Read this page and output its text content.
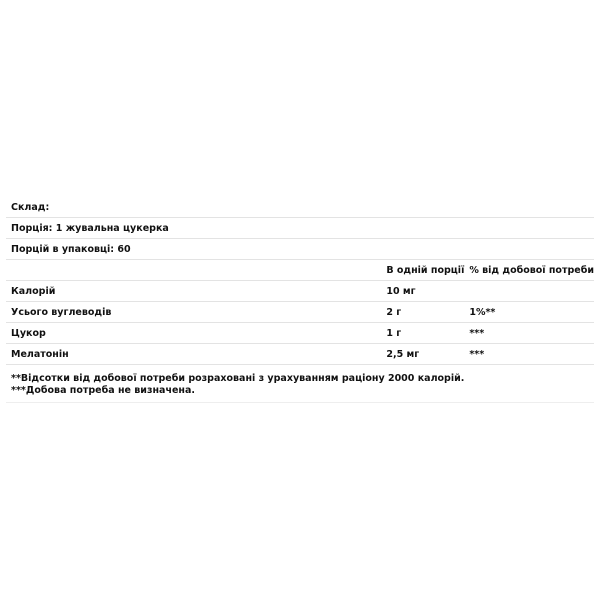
Склад:		
Порція: 1 жувальна цукерка		
Порцій в упаковці: 60		
	В одній порції	% від добової потреби
Калорій	10 мг	
Усього вуглеводів	2 г	1%**
Цукор	1 г	***
Мелатонін	2,5 мг	***
**Відсотки від добової потреби розраховані з урахуванням раціону 2000 калорій.
***Добова потреба не визначена.
